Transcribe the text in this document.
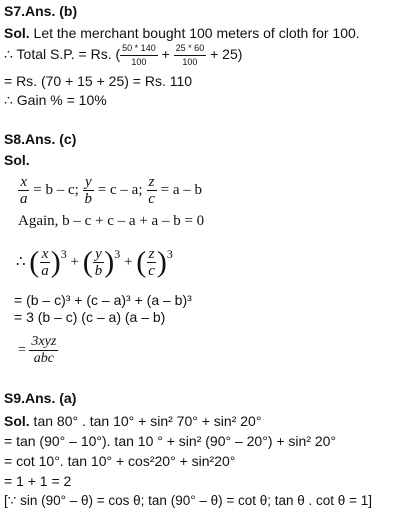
S7.Ans. (b)
Sol. Let the merchant bought 100 meters of cloth for 100.
∴ Total S.P. = Rs. ( $\frac{50 * 140}{100} + \frac{25 * 60}{100} + 25$)
= Rs. (70 + 15 + 25) = Rs. 110
∴ Gain % = 10%
S8.Ans. (c)
Sol.
$\frac{x}{a} = b - c$; $\frac{y}{b} = c - a$; $\frac{z}{c} = a - b$
Again, b – c + c – a + a – b = 0
∴ ( $\frac{x}{a} )^3$ + ( $\frac{y}{b} )^3$ + ( $\frac{z}{c} )^3$
= (b – c)³ + (c – a)³ + (a – b)³
= 3 (b – c) (c – a) (a – b)
= $\frac{\text{3xyz}}{\text{abc}}$
S9.Ans. (a)
Sol. tan 80° . tan 10° + sin² 70° + sin² 20°
= tan (90° – 10°). tan 10 ° + sin² (90° – 20°) + sin² 20°
= cot 10°. tan 10° + cos²20° + sin²20°
= 1 + 1 = 2
[∵ sin (90° – θ) = cos θ; tan (90° – θ) = cot θ; tan θ . cot θ = 1]
